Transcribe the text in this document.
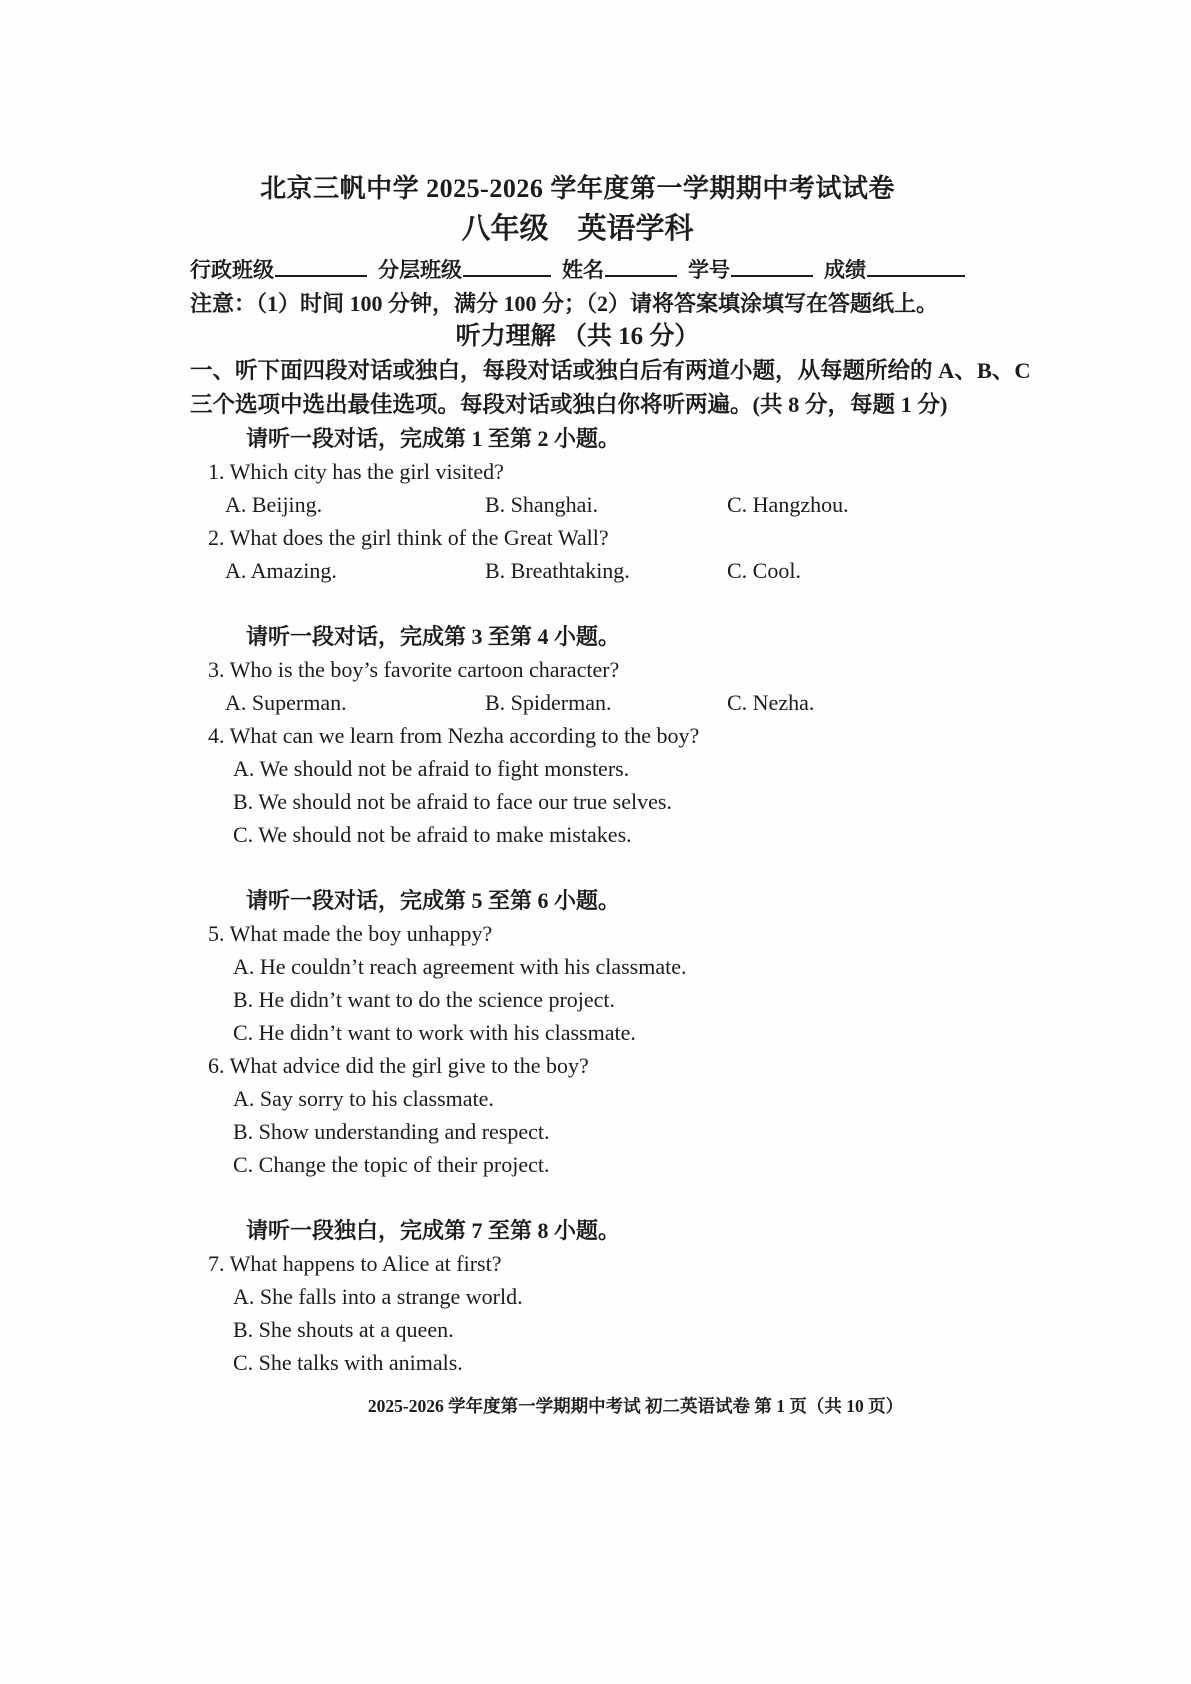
北京三帆中学 2025-2026 学年度第一学期期中考试试卷
八年级　英语学科
行政班级	分层班级	姓名	学号	成绩
注意：（1）时间 100 分钟，满分 100 分；（2）请将答案填涂填写在答题纸上。
听力理解 （共 16 分）
一、听下面四段对话或独白，每段对话或独白后有两道小题，从每题所给的 A、B、C
三个选项中选出最佳选项。每段对话或独白你将听两遍。(共 8 分，每题 1 分)
请听一段对话，完成第 1 至第 2 小题。
1. Which city has the girl visited?
A. Beijing.	B. Shanghai.	C. Hangzhou.
2. What does the girl think of the Great Wall?
A. Amazing.	B. Breathtaking.	C. Cool.
请听一段对话，完成第 3 至第 4 小题。
3. Who is the boy’s favorite cartoon character?
A. Superman.	B. Spiderman.	C. Nezha.
4. What can we learn from Nezha according to the boy?
A. We should not be afraid to fight monsters.
B. We should not be afraid to face our true selves.
C. We should not be afraid to make mistakes.
请听一段对话，完成第 5 至第 6 小题。
5. What made the boy unhappy?
A. He couldn’t reach agreement with his classmate.
B. He didn’t want to do the science project.
C. He didn’t want to work with his classmate.
6. What advice did the girl give to the boy?
A. Say sorry to his classmate.
B. Show understanding and respect.
C. Change the topic of their project.
请听一段独白，完成第 7 至第 8 小题。
7. What happens to Alice at first?
A. She falls into a strange world.
B. She shouts at a queen.
C. She talks with animals.
2025-2026 学年度第一学期期中考试 初二英语试卷 第 1 页（共 10 页）
